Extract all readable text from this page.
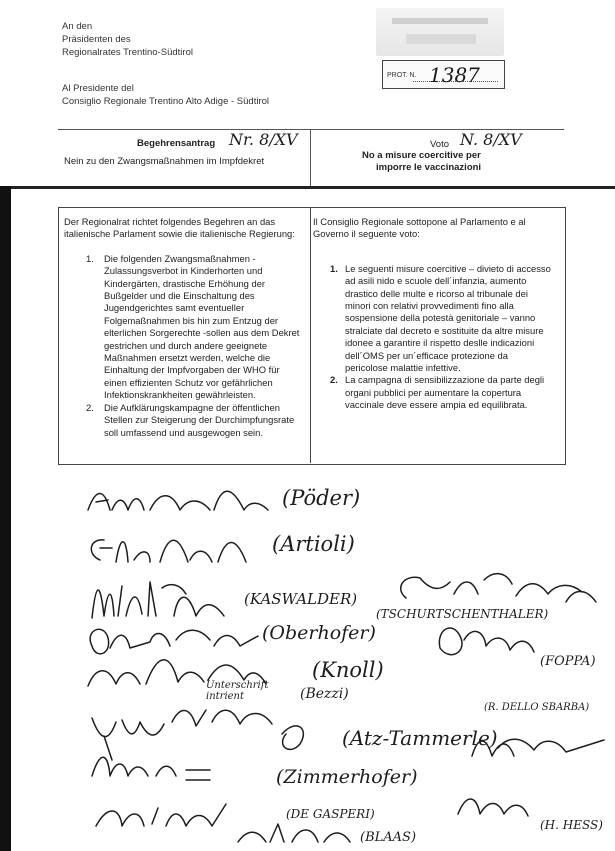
An den
Präsidenten des
Regionalrates Trentino-Südtirol
Al Presidente del
Consiglio Regionale Trentino Alto Adige - Südtirol
PROT. N. 1387
Begehrensantrag Nr. 8/XV
Nein zu den Zwangsmaßnahmen im Impfdekret
Voto N. 8/XV
No a misure coercitive per
imporre le vaccinazioni

Der Regionalrat richtet folgendes Begehren an das italienische Parlament sowie die italienische Regierung:

1. Die folgenden Zwangsmaßnahmen -Zulassungsverbot in Kinderhorten und Kindergärten, drastische Erhöhung der Bußgelder und die Einschaltung des Jugendgerichtes samt eventueller Folgemaßnahmen bis hin zum Entzug der elterlichen Sorgerechte -sollen aus dem Dekret gestrichen und durch andere geeignete Maßnahmen ersetzt werden, welche die Einhaltung der Impfvorgaben der WHO für einen effizienten Schutz vor gefährlichen Infektionskrankheiten gewährleisten.
2. Die Aufklärungskampagne der öffentlichen Stellen zur Steigerung der Durchimpfungsrate soll umfassend und ausgewogen sein.

Il Consiglio Regionale sottopone al Parlamento e al Governo il seguente voto:

1. Le seguenti misure coercitive – divieto di accesso ad asili nido e scuole dell´infanzia, aumento drastico delle multe e ricorso al tribunale dei minori con relativi provvedimenti fino alla sospensione della potestà genitoriale – vanno stralciate dal decreto e sostituite da altre misure idonee a garantire il rispetto deslle indicazioni dell´OMS per un´efficace protezione da pericolose malattie infettive.
2. La campagna di sensibilizzazione da parte degli organi pubblici per aumentare la copertura vaccinale deve essere ampia ed equilibrata.
(Pöder)
(Artioli)
(KASWALDER)
(Oberhofer)
(Knoll)
Unterschrift
intrient	(Bezzi)
(Atz-Tammerle)
(Zimmerhofer)
(DE GASPERI)
(BLAAS)
(TSCHURTSCHENTHALER)
(FOPPA)
(R. DELLO SBARBA)
(H. HESS)
